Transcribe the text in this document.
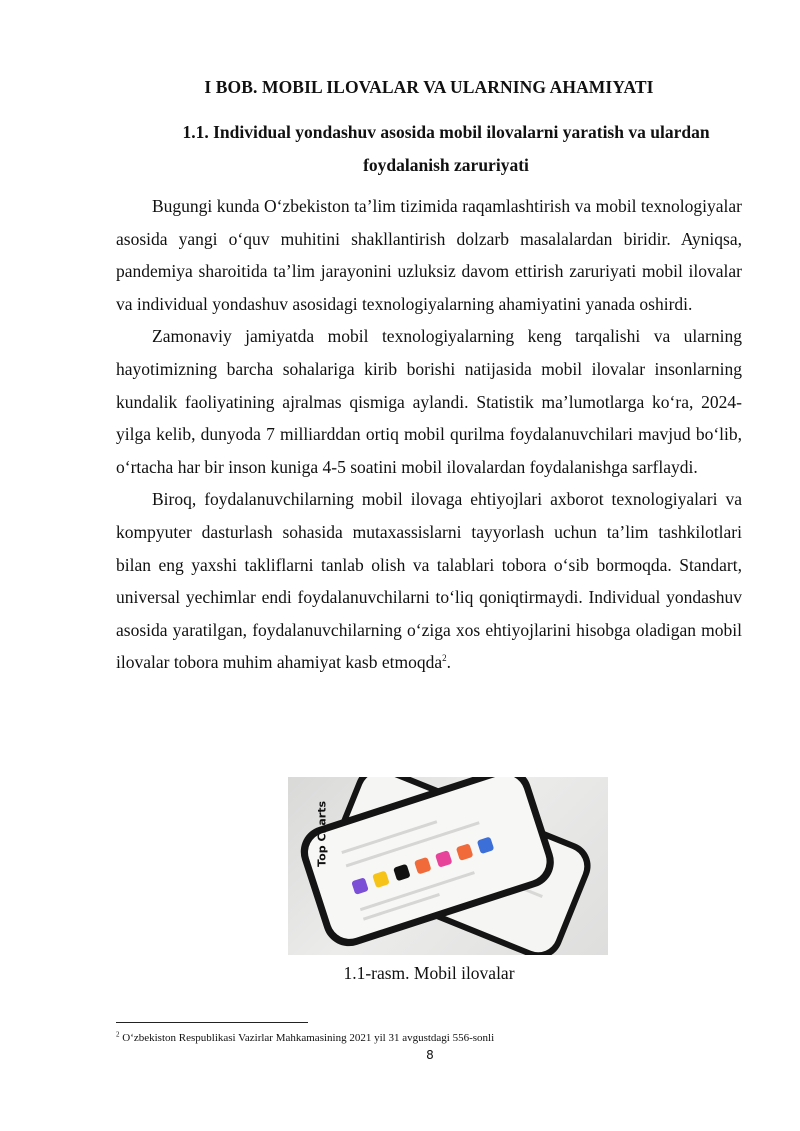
I BOB. MOBIL ILOVALAR VA ULARNING AHAMIYATI
1.1. Individual yondashuv asosida mobil ilovalarni yaratish va ulardan foydalanish zaruriyati

Bugungi kunda O‘zbekiston ta’lim tizimida raqamlashtirish va mobil texnologiyalar asosida yangi o‘quv muhitini shakllantirish dolzarb masalalardan biridir. Ayniqsa, pandemiya sharoitida ta’lim jarayonini uzluksiz davom ettirish zaruriyati mobil ilovalar va individual yondashuv asosidagi texnologiyalarning ahamiyatini yanada oshirdi.

Zamonaviy jamiyatda mobil texnologiyalarning keng tarqalishi va ularning hayotimizning barcha sohalariga kirib borishi natijasida mobil ilovalar insonlarning kundalik faoliyatining ajralmas qismiga aylandi. Statistik ma’lumotlarga ko‘ra, 2024-yilga kelib, dunyoda 7 milliarddan ortiq mobil qurilma foydalanuvchilari mavjud bo‘lib, o‘rtacha har bir inson kuniga 4-5 soatini mobil ilovalardan foydalanishga sarflaydi.

Biroq, foydalanuvchilarning mobil ilovaga ehtiyojlari axborot texnologiyalari va kompyuter dasturlash sohasida mutaxassislarni tayyorlash uchun ta’lim tashkilotlari bilan eng yaxshi takliflarni tanlab olish va talablari tobora o‘sib bormoqda. Standart, universal yechimlar endi foydalanuvchilarni to‘liq qoniqtirmaydi. Individual yondashuv asosida yaratilgan, foydalanuvchilarning o‘ziga xos ehtiyojlarini hisobga oladigan mobil ilovalar tobora muhim ahamiyat kasb etmoqda$^2$.

Top Charts
1.1-rasm. Mobil ilovalar
$^2$ O‘zbekiston Respublikasi Vazirlar Mahkamasining 2021 yil 31 avgustdagi 556-sonli
8
